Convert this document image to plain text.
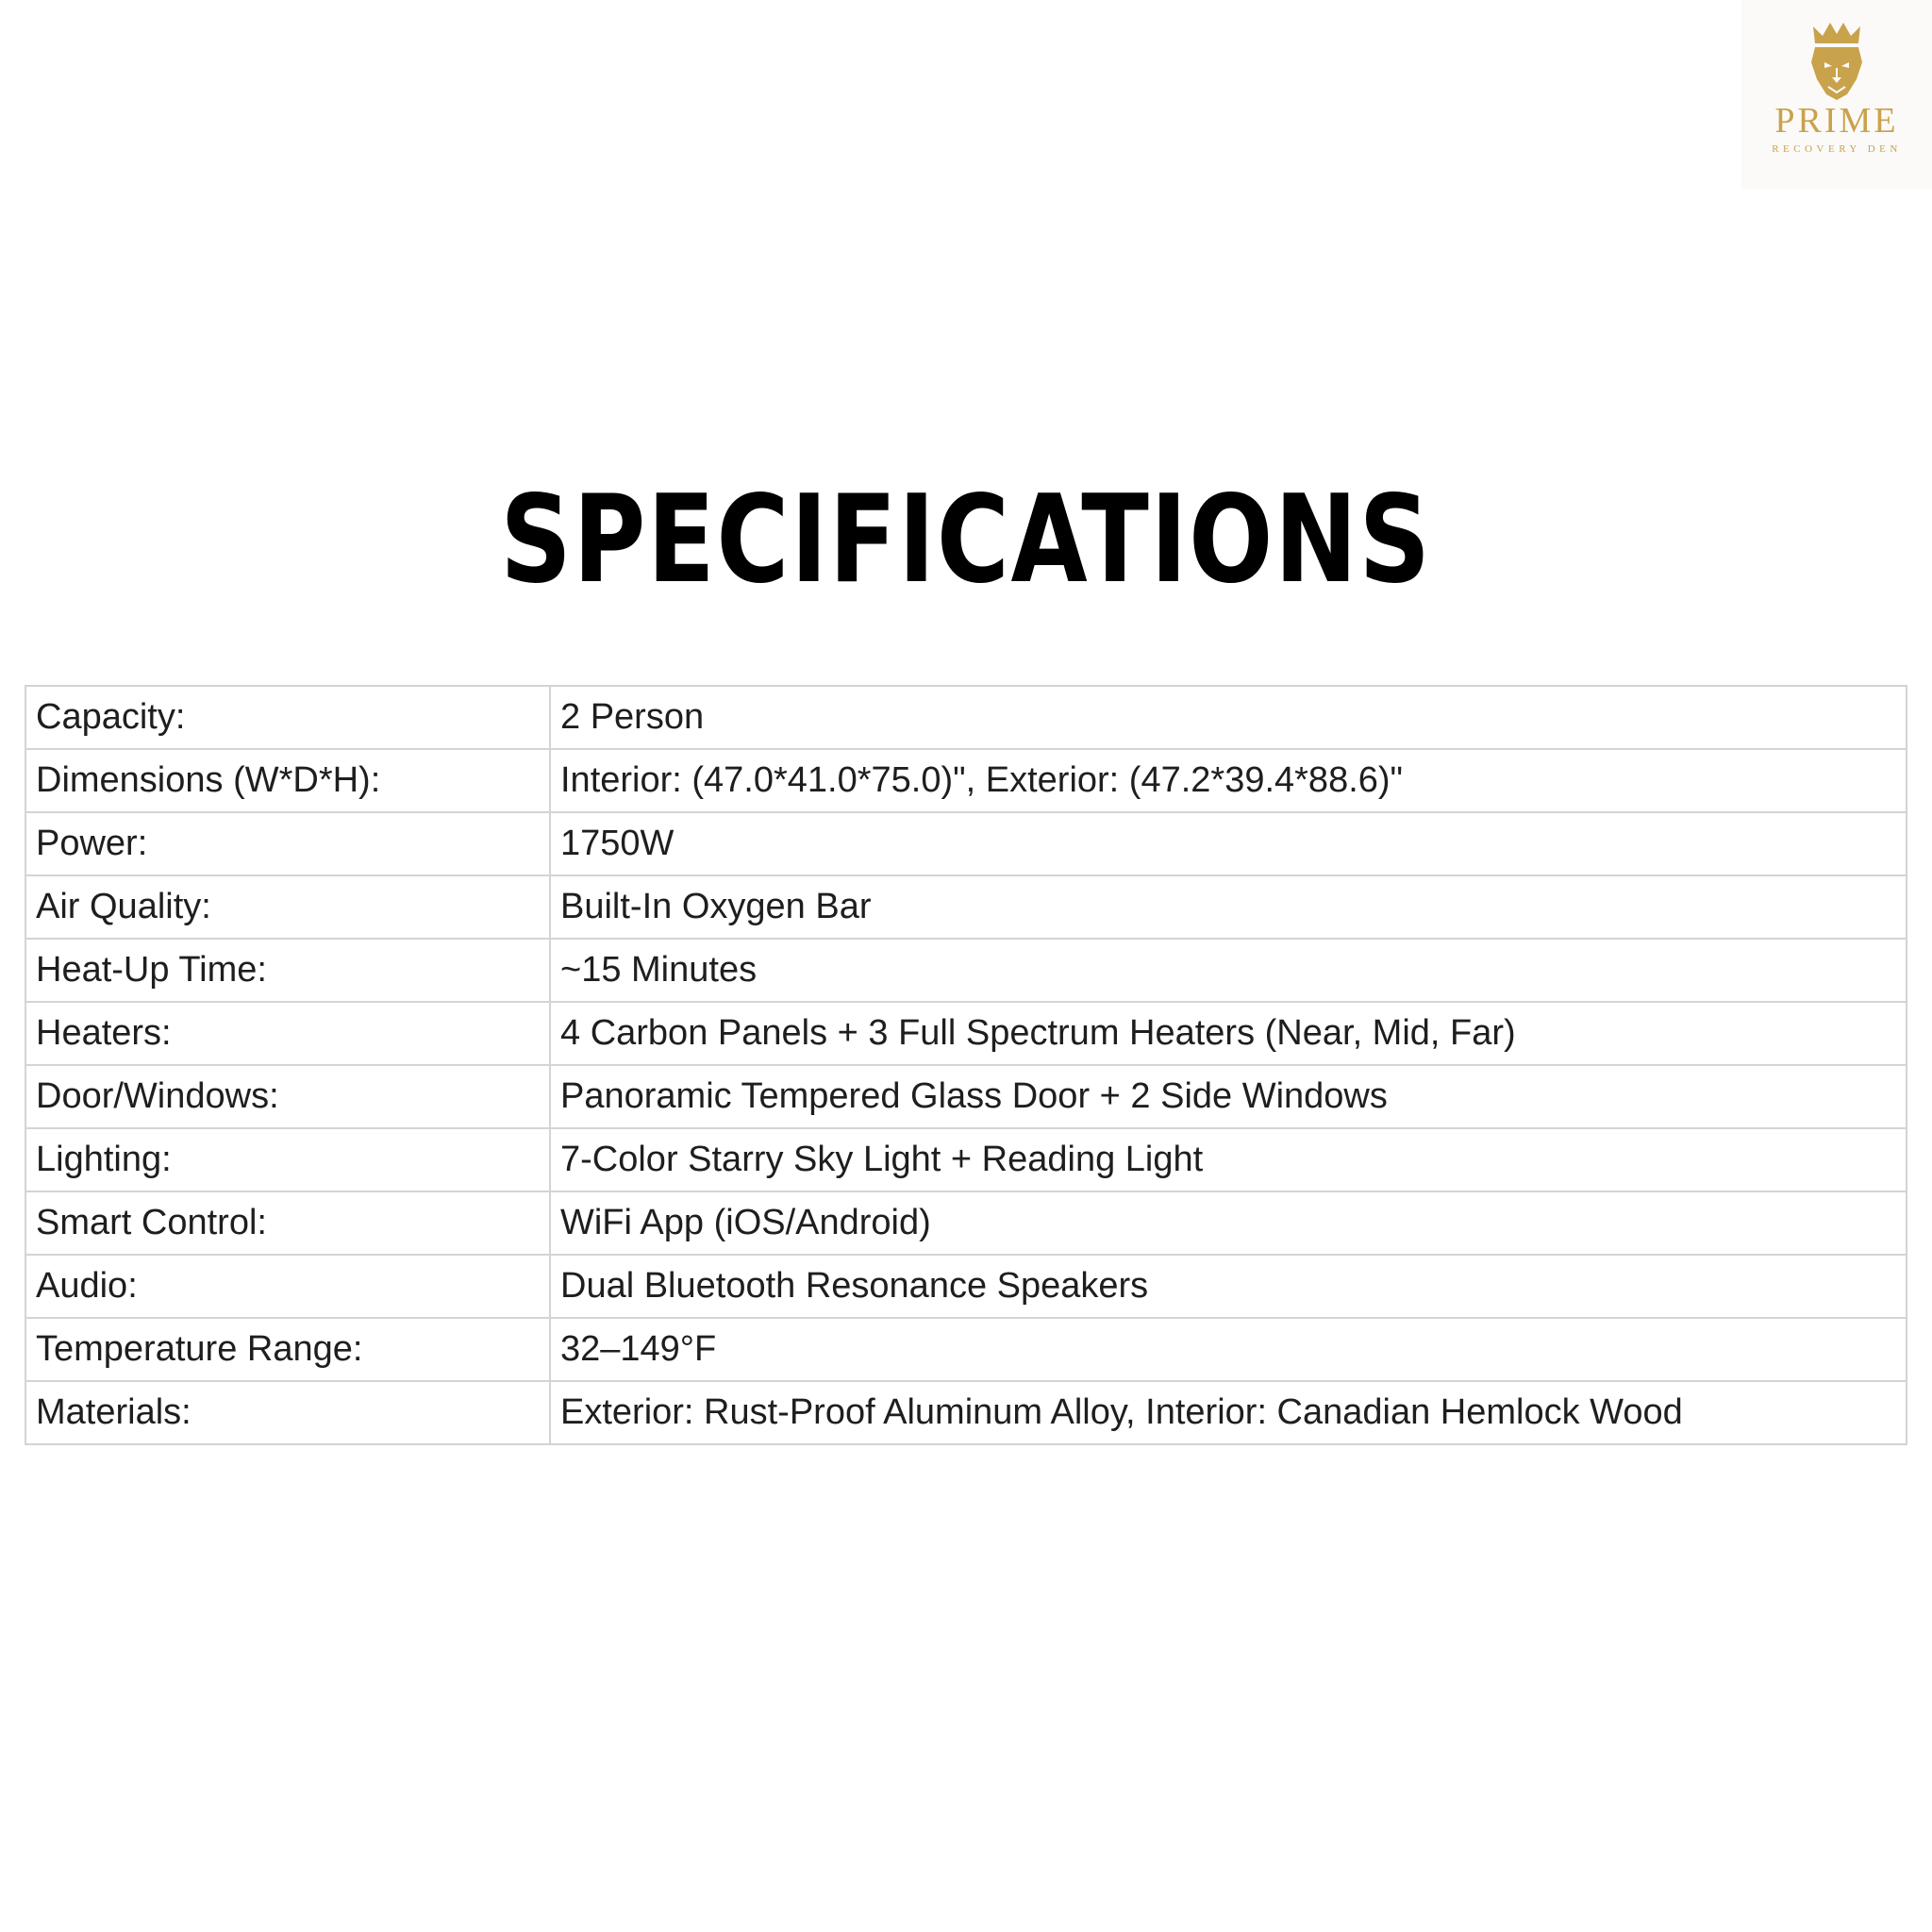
PRIME
RECOVERY DEN
SPECIFICATIONS
Capacity:	2 Person
Dimensions (W*D*H):	Interior: (47.0*41.0*75.0)", Exterior: (47.2*39.4*88.6)"
Power:	1750W
Air Quality:	Built-In Oxygen Bar
Heat-Up Time:	~15 Minutes
Heaters:	4 Carbon Panels + 3 Full Spectrum Heaters (Near, Mid, Far)
Door/Windows:	Panoramic Tempered Glass Door + 2 Side Windows
Lighting:	7-Color Starry Sky Light + Reading Light
Smart Control:	WiFi App (iOS/Android)
Audio:	Dual Bluetooth Resonance Speakers
Temperature Range:	32–149°F
Materials:	Exterior: Rust-Proof Aluminum Alloy, Interior: Canadian Hemlock Wood
